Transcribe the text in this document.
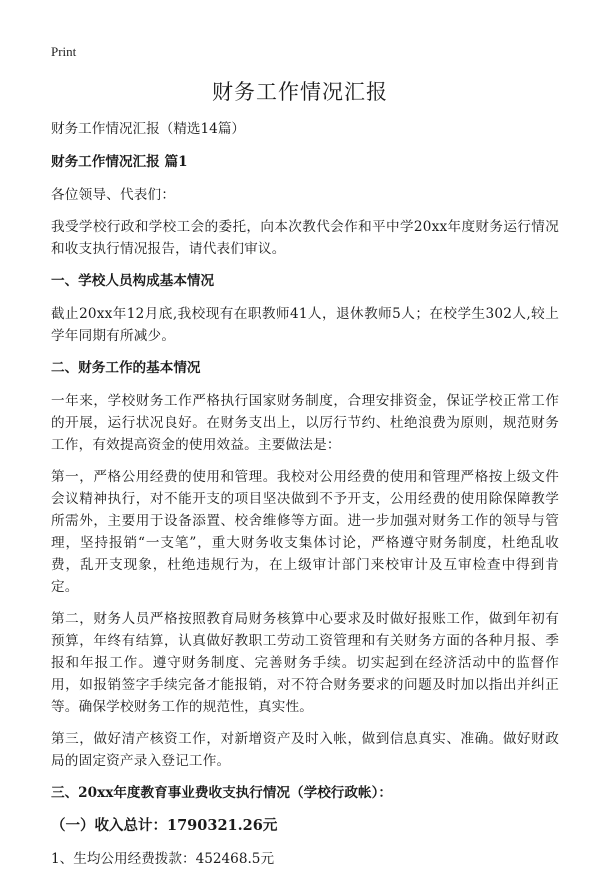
Print
财务工作情况汇报

财务工作情况汇报（精选14篇）

财务工作情况汇报 篇1

各位领导、代表们：

我受学校行政和学校工会的委托，向本次教代会作和平中学20xx年度财务运行情况和收支执行情况报告，请代表们审议。

一、学校人员构成基本情况

截止20xx年12月底,我校现有在职教师41人，退休教师5人；在校学生302人,较上学年同期有所减少。

二、财务工作的基本情况

一年来，学校财务工作严格执行国家财务制度，合理安排资金，保证学校正常工作的开展，运行状况良好。在财务支出上，以厉行节约、杜绝浪费为原则，规范财务工作，有效提高资金的使用效益。主要做法是：

第一，严格公用经费的使用和管理。我校对公用经费的使用和管理严格按上级文件会议精神执行，对不能开支的项目坚决做到不予开支，公用经费的使用除保障教学所需外，主要用于设备添置、校舍维修等方面。进一步加强对财务工作的领导与管理，坚持报销“一支笔”，重大财务收支集体讨论，严格遵守财务制度，杜绝乱收费，乱开支现象，杜绝违规行为，在上级审计部门来校审计及互审检查中得到肯定。

第二，财务人员严格按照教育局财务核算中心要求及时做好报账工作，做到年初有预算，年终有结算，认真做好教职工劳动工资管理和有关财务方面的各种月报、季报和年报工作。遵守财务制度、完善财务手续。切实起到在经济活动中的监督作用，如报销签字手续完备才能报销，对不符合财务要求的问题及时加以指出并纠正等。确保学校财务工作的规范性，真实性。

第三，做好清产核资工作，对新增资产及时入帐，做到信息真实、准确。做好财政局的固定资产录入登记工作。

三、20xx年度教育事业费收支执行情况（学校行政帐）：
（一）收入总计：1790321.26元

1、生均公用经费拨款：452468.5元
